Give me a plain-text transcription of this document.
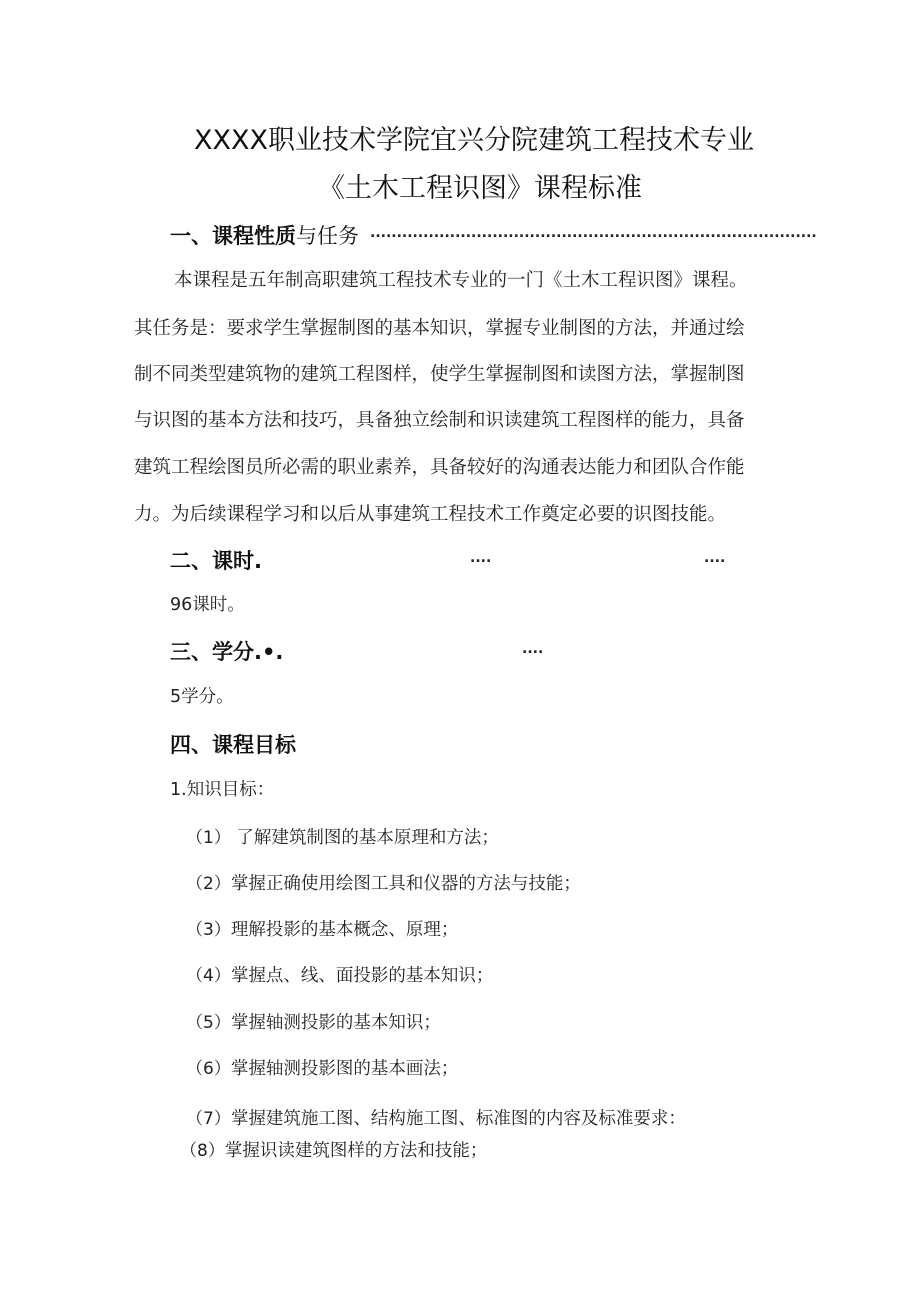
XXXX职业技术学院宜兴分院建筑工程技术专业
《土木工程识图》课程标准
一、课程性质与任务 ....................................................................................
本课程是五年制高职建筑工程技术专业的一门《土木工程识图》课程。
其任务是：要求学生掌握制图的基本知识，掌握专业制图的方法，并通过绘
制不同类型建筑物的建筑工程图样，使学生掌握制图和读图方法，掌握制图
与识图的基本方法和技巧，具备独立绘制和识读建筑工程图样的能力，具备
建筑工程绘图员所必需的职业素养，具备较好的沟通表达能力和团队合作能
力。为后续课程学习和以后从事建筑工程技术工作奠定必要的识图技能。
二、课时.	....	....
96课时。
三、学分.•.	....
5学分。
四、课程目标
1.知识目标：
（1） 了解建筑制图的基本原理和方法；
（2）掌握正确使用绘图工具和仪器的方法与技能；
（3）理解投影的基本概念、原理；
（4）掌握点、线、面投影的基本知识；
（5）掌握轴测投影的基本知识；
（6）掌握轴测投影图的基本画法；
（7）掌握建筑施工图、结构施工图、标准图的内容及标准要求：
（8）掌握识读建筑图样的方法和技能；
